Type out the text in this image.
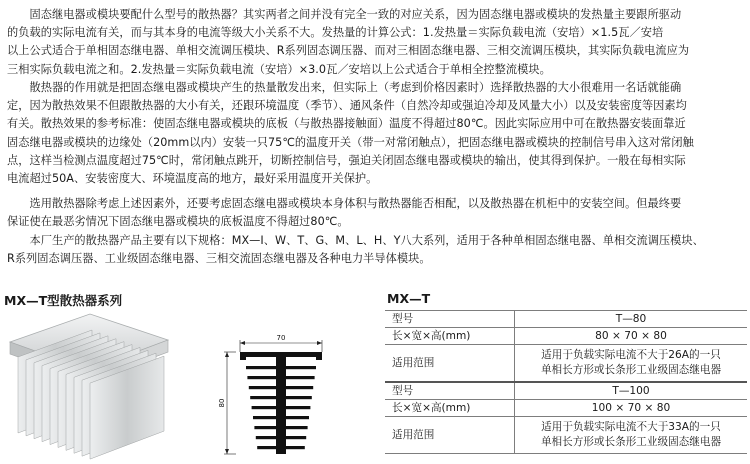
　　固态继电器或模块要配什么型号的散热器？其实两者之间并没有完全一致的对应关系，因为固态继电器或模块的发热量主要跟所驱动
的负载的实际电流有关，而与其本身的电流等级大小关系不大。发热量的计算公式：1.发热量＝实际负载电流（安培）×1.5瓦／安培
以上公式适合于单相固态继电器、单相交流调压模块、R系列固态调压器、而对三相固态继电器、三相交流调压模块，其实际负载电流应为
三相实际负载电流之和。2.发热量＝实际负载电流（安培）×3.0瓦／安培以上公式适合于单相全控整流模块。
　　散热器的作用就是把固态继电器或模块产生的热量散发出来，但实际上（考虑到价格因素时）选择散热器的大小很难用一名话就能确
定，因为散热效果不但跟散热器的大小有关，还跟环境温度（季节）、通风条件（自然冷却或强迫冷却及风量大小）以及安装密度等因素均
有关。散热效果的参考标准：使固态继电器或模块的底板（与散热器接触面）温度不得超过80℃。因此实际应用中可在散热器安装面靠近
固态继电器或模块的边缘处（20mm以内）安装一只75℃的温度开关（带一对常闭触点），把固态继电器或模块的控制信号串入这对常闭触
点，这样当检测点温度超过75℃时，常闭触点跳开，切断控制信号，强迫关闭固态继电器或模块的输出，使其得到保护。一般在每相实际
电流超过50A、安装密度大、环境温度高的地方，最好采用温度开关保护。
　　选用散热器除考虑上述因素外，还要考虑固态继电器或模块本身体积与散热器能否相配，以及散热器在机柜中的安装空间。但最终要
保证使在最恶劣情况下固态继电器或模块的底板温度不得超过80℃。
　　本厂生产的散热器产品主要有以下规格：MX—I、W、T、G、M、L、H、Y八大系列，适用于各种单相固态继电器、单相交流调压模块、
R系列固态调压器、工业级固态继电器、三相交流固态继电器及各种电力半导体模块。
MX—T型散热器系列	MX—T
70
80
型号	T—80
长×宽×高(mm)	80 × 70 × 80
适用范围	适用于负载实际电流不大于26A的一只
单相长方形或长条形工业级固态继电器

型号	T—100
长×宽×高(mm)	100 × 70 × 80
适用范围	适用于负载实际电流不大于33A的一只
单相长方形或长条形工业级固态继电器
